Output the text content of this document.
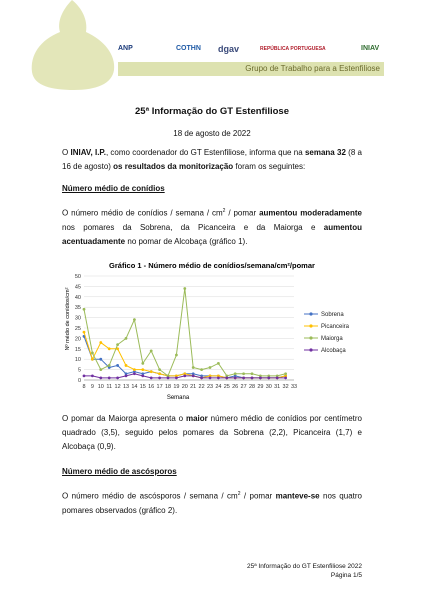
ANP	COTHN dgav	REPÚBLICA PORTUGUESA	INIAV
Grupo de Trabalho para a Estenfiliose
25ª Informação do GT Estenfiliose
18 de agosto de 2022
O INIAV, I.P., como coordenador do GT Estenfiliose, informa que na semana 32 (8 a 16 de agosto) os resultados da monitorização foram os seguintes:
Número médio de conídios
O número médio de conídios / semana / $cm^2$ / pomar aumentou moderadamente nos pomares da Sobrena, da Picanceira e da Maiorga e aumentou acentuadamente no pomar de Alcobaça (gráfico 1).
Gráfico 1 - Número médio de conídios/semana/cm²/pomar
Nº médio de conídios/cm²
Semana
0
5
10
15
20
25
30
35
40
45
50
8 9 10 11 12 13 14 15 16 17 18 19 20 21 22 23 24 25 26 27 28 29 30 31 32 33
Sobrena
Picanceira
Maiorga
Alcobaça
O pomar da Maiorga apresenta o maior número médio de conídios por centímetro quadrado (3,5), seguido pelos pomares da Sobrena (2,2), Picanceira (1,7) e Alcobaça (0,9).
Número médio de ascósporos
O número médio de ascósporos / semana / $cm^2$ / pomar manteve-se nos quatro pomares observados (gráfico 2).
25ª Informação do GT Estenfiliose 2022
Página 1/5
